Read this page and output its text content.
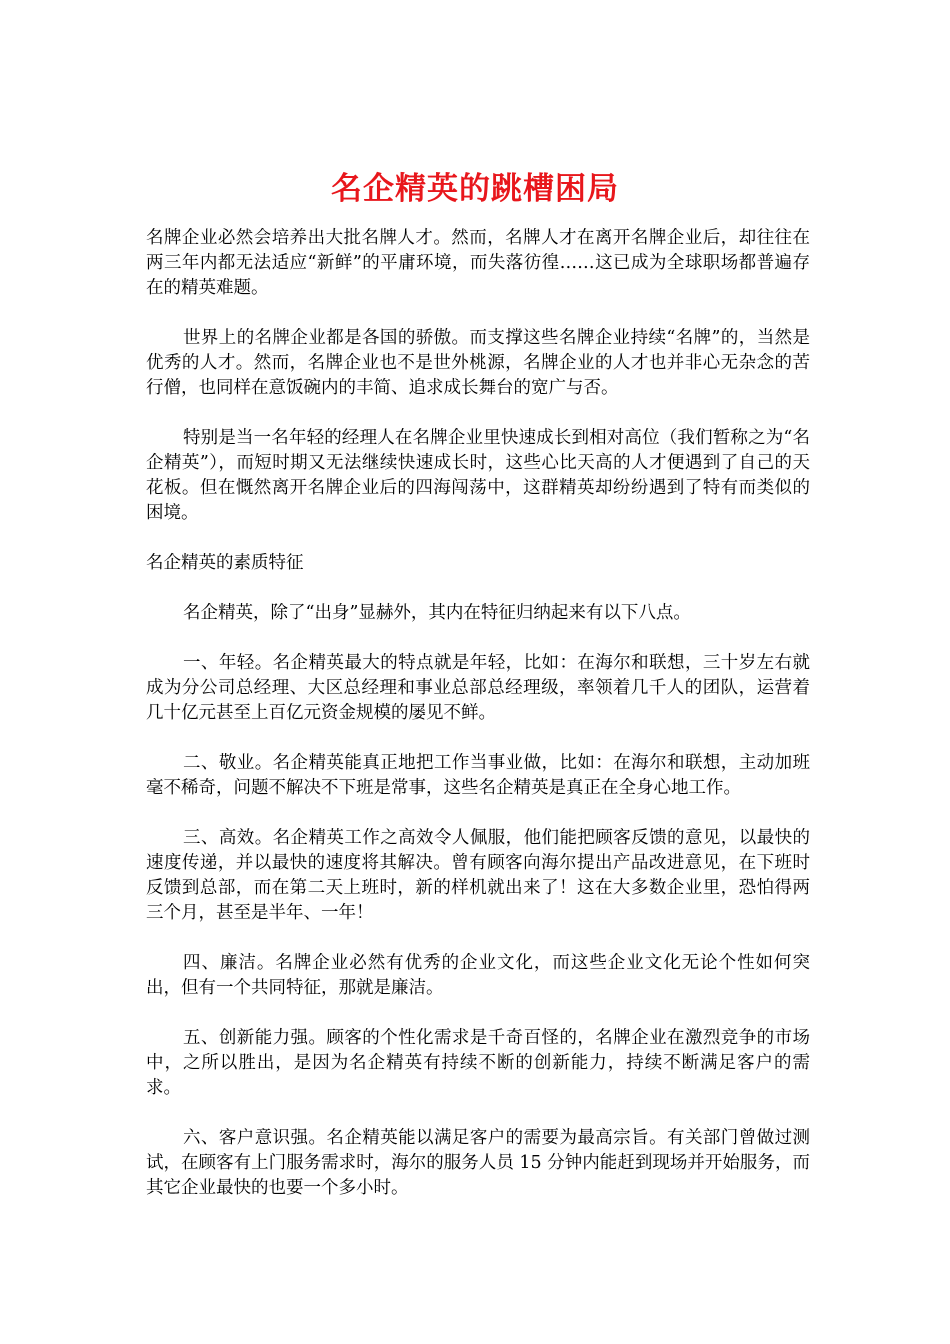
名企精英的跳槽困局

名牌企业必然会培养出大批名牌人才。然而，名牌人才在离开名牌企业后，却往往在两三年内都无法适应“新鲜”的平庸环境，而失落彷徨……这已成为全球职场都普遍存在的精英难题。

世界上的名牌企业都是各国的骄傲。而支撑这些名牌企业持续“名牌”的，当然是优秀的人才。然而，名牌企业也不是世外桃源，名牌企业的人才也并非心无杂念的苦行僧，也同样在意饭碗内的丰简、追求成长舞台的宽广与否。

特别是当一名年轻的经理人在名牌企业里快速成长到相对高位（我们暂称之为“名企精英”），而短时期又无法继续快速成长时，这些心比天高的人才便遇到了自己的天花板。但在慨然离开名牌企业后的四海闯荡中，这群精英却纷纷遇到了特有而类似的困境。

名企精英的素质特征

名企精英，除了“出身”显赫外，其内在特征归纳起来有以下八点。

一、年轻。名企精英最大的特点就是年轻，比如：在海尔和联想，三十岁左右就成为分公司总经理、大区总经理和事业总部总经理级，率领着几千人的团队，运营着几十亿元甚至上百亿元资金规模的屡见不鲜。

二、敬业。名企精英能真正地把工作当事业做，比如：在海尔和联想，主动加班毫不稀奇，问题不解决不下班是常事，这些名企精英是真正在全身心地工作。

三、高效。名企精英工作之高效令人佩服，他们能把顾客反馈的意见，以最快的速度传递，并以最快的速度将其解决。曾有顾客向海尔提出产品改进意见，在下班时反馈到总部，而在第二天上班时，新的样机就出来了！这在大多数企业里，恐怕得两三个月，甚至是半年、一年！

四、廉洁。名牌企业必然有优秀的企业文化，而这些企业文化无论个性如何突出，但有一个共同特征，那就是廉洁。

五、创新能力强。顾客的个性化需求是千奇百怪的，名牌企业在激烈竞争的市场中，之所以胜出，是因为名企精英有持续不断的创新能力，持续不断满足客户的需求。

六、客户意识强。名企精英能以满足客户的需要为最高宗旨。有关部门曾做过测试，在顾客有上门服务需求时，海尔的服务人员 15 分钟内能赶到现场并开始服务，而其它企业最快的也要一个多小时。
